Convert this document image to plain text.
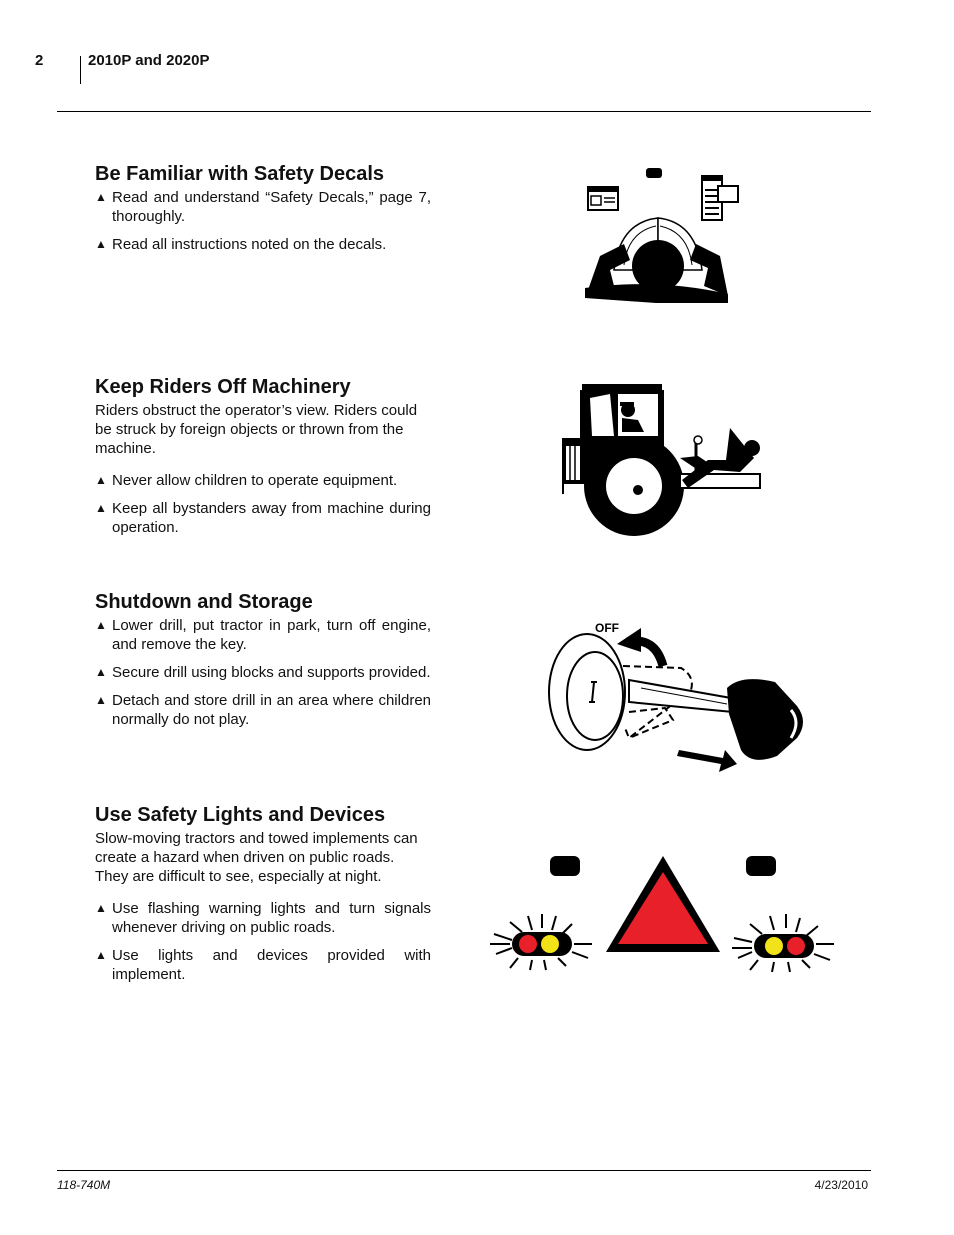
2	2010P and 2020P
Be Familiar with Safety Decals
▲ Read and understand “Safety Decals,” page 7, thoroughly.
▲ Read all instructions noted on the decals.
Keep Riders Off Machinery

Riders obstruct the operator’s view. Riders could be struck by foreign objects or thrown from the machine.

▲ Never allow children to operate equipment.
▲ Keep all bystanders away from machine during operation.
Shutdown and Storage
▲ Lower drill, put tractor in park, turn off engine, and remove the key.
▲ Secure drill using blocks and supports provided.
▲ Detach and store drill in an area where children normally do not play.
Use Safety Lights and Devices

Slow-moving tractors and towed implements can create a hazard when driven on public roads. They are difficult to see, especially at night.

▲ Use flashing warning lights and turn signals whenever driving on public roads.
▲ Use lights and devices provided with implement.
OFF
118-740M	4/23/2010
